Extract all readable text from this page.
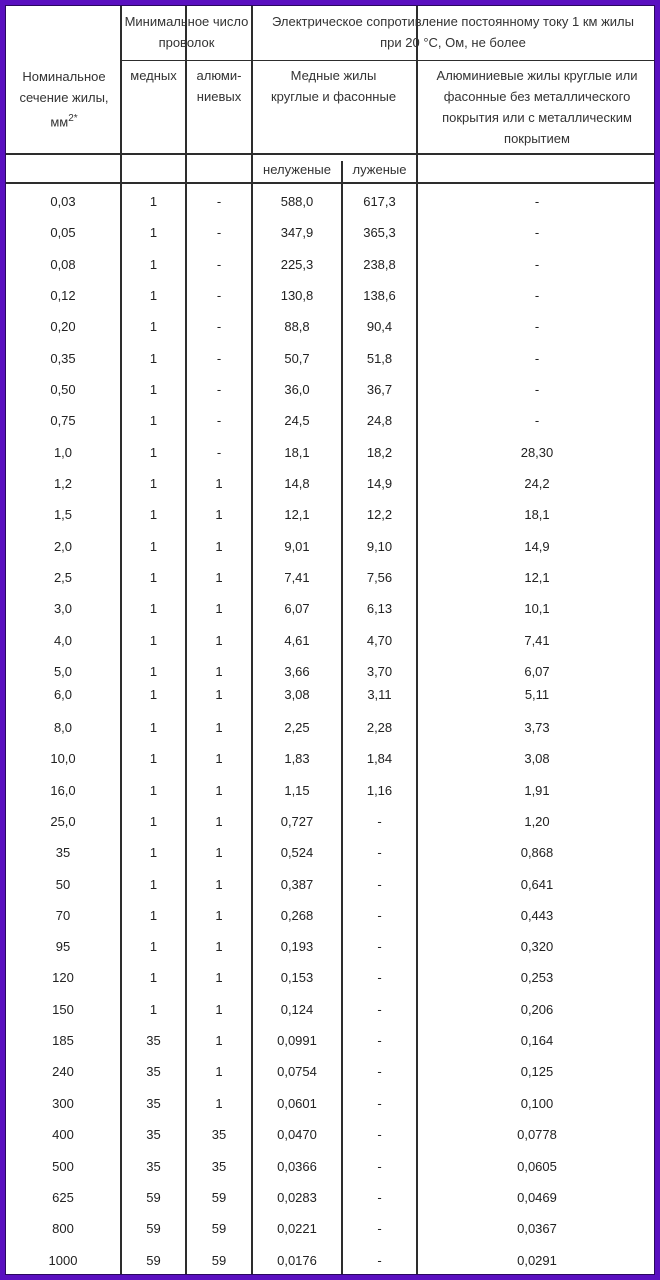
Номинальное сечение жилы,
$мм^{2*}$
Минимальное число проволок
медных	алюми-ниевых
Электрическое сопротивление постоянному току 1 км жилы при 20 °С, Ом, не более
Медные жилы круглые и фасонные
Алюминиевые жилы круглые или фасонные без металлического покрытия или с металлическим покрытием
нелуженые	луженые
0,03	1	-	588,0	617,3	-
0,05	1	-	347,9	365,3	-
0,08	1	-	225,3	238,8	-
0,12	1	-	130,8	138,6	-
0,20	1	-	88,8	90,4	-
0,35	1	-	50,7	51,8	-
0,50	1	-	36,0	36,7	-
0,75	1	-	24,5	24,8	-
1,0	1	-	18,1	18,2	28,30
1,2	1	1	14,8	14,9	24,2
1,5	1	1	12,1	12,2	18,1
2,0	1	1	9,01	9,10	14,9
2,5	1	1	7,41	7,56	12,1
3,0	1	1	6,07	6,13	10,1
4,0	1	1	4,61	4,70	7,41
5,0	1	1	3,66	3,70	6,07
6,0	1	1	3,08	3,11	5,11
8,0	1	1	2,25	2,28	3,73
10,0	1	1	1,83	1,84	3,08
16,0	1	1	1,15	1,16	1,91
25,0	1	1	0,727	-	1,20
35	1	1	0,524	-	0,868
50	1	1	0,387	-	0,641
70	1	1	0,268	-	0,443
95	1	1	0,193	-	0,320
120	1	1	0,153	-	0,253
150	1	1	0,124	-	0,206
185	35	1	0,0991	-	0,164
240	35	1	0,0754	-	0,125
300	35	1	0,0601	-	0,100
400	35	35	0,0470	-	0,0778
500	35	35	0,0366	-	0,0605
625	59	59	0,0283	-	0,0469
800	59	59	0,0221	-	0,0367
1000	59	59	0,0176	-	0,0291
